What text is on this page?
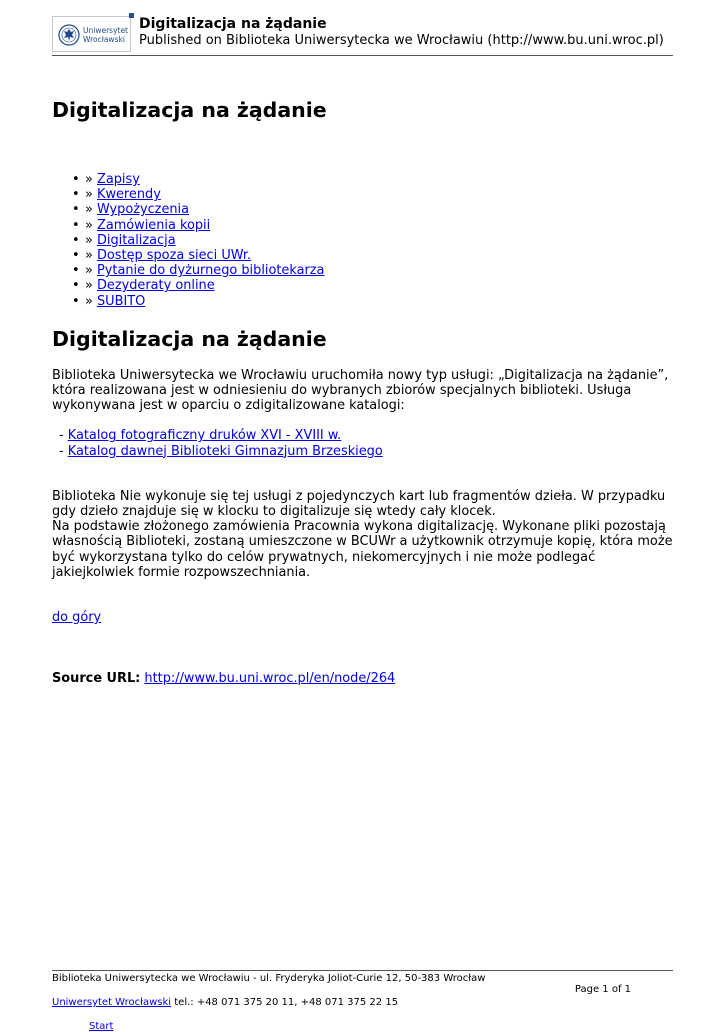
Uniwersytet
Wrocławski
Digitalizacja na żądanie
Published on Biblioteka Uniwersytecka we Wrocławiu (http://www.bu.uni.wroc.pl)
Digitalizacja na żądanie
• » Zapisy
• » Kwerendy
• » Wypożyczenia
• » Zamówienia kopii
• » Digitalizacja
• » Dostęp spoza sieci UWr.
• » Pytanie do dyżurnego bibliotekarza
• » Dezyderaty online
• » SUBITO
Digitalizacja na żądanie

Biblioteka Uniwersytecka we Wrocławiu uruchomiła nowy typ usługi: „Digitalizacja na żądanie”, która realizowana jest w odniesieniu do wybranych zbiorów specjalnych biblioteki. Usługa wykonywana jest w oparciu o zdigitalizowane katalogi:

- Katalog fotograficzny druków XVI - XVIII w.
- Katalog dawnej Biblioteki Gimnazjum Brzeskiego

Biblioteka Nie wykonuje się tej usługi z pojedynczych kart lub fragmentów dzieła. W przypadku gdy dzieło znajduje się w klocku to digitalizuje się wtedy cały klocek.

Na podstawie złożonego zamówienia Pracownia wykona digitalizację. Wykonane pliki pozostają własnością Biblioteki, zostaną umieszczone w BCUWr a użytkownik otrzymuje kopię, która może być wykorzystana tylko do celów prywatnych, niekomercyjnych i nie może podlegać jakiejkolwiek formie rozpowszechniania.

do góry

Source URL: http://www.bu.uni.wroc.pl/en/node/264

Biblioteka Uniwersytecka we Wrocławiu - ul. Fryderyka Joliot-Curie 12, 50-383 Wrocław
Page 1 of 1
Uniwersytet Wrocławski tel.: +48 071 375 20 11, +48 071 375 22 15
Start
